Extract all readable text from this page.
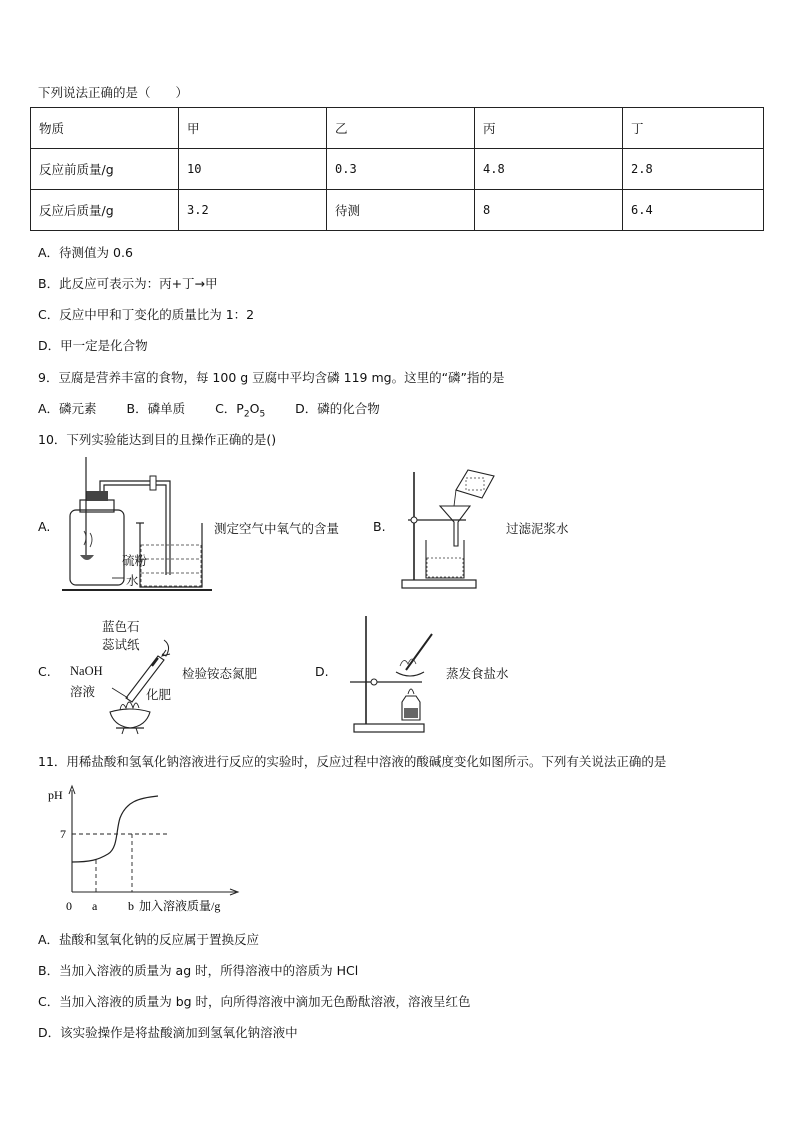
下列说法正确的是（　　）
物质	甲	乙	丙	丁
反应前质量/g	10	0.3	4.8	2.8
反应后质量/g	3.2	待测	8	6.4
A．待测值为 0.6
B．此反应可表示为：丙+丁→甲
C．反应中甲和丁变化的质量比为 1：2
D．甲一定是化合物
9．豆腐是营养丰富的食物，每 100 g 豆腐中平均含磷 119 mg。这里的“磷”指的是
A．磷元素 B．磷单质 C．$P_2O_5$ D．磷的化合物
10．下列实验能达到目的且操作正确的是()
A.
硫粉
水
测定空气中氧气的含量	B.	过滤泥浆水
C.
蓝色石
蕊试纸
NaOH
溶液	化肥
检验铵态氮肥	D.	蒸发食盐水
11．用稀盐酸和氢氧化钠溶液进行反应的实验时，反应过程中溶液的酸碱度变化如图所示。下列有关说法正确的是
pH
7
0 a	b 加入溶液质量/g
A．盐酸和氢氧化钠的反应属于置换反应
B．当加入溶液的质量为 ag 时，所得溶液中的溶质为 HCl
C．当加入溶液的质量为 bg 时，向所得溶液中滴加无色酚酞溶液，溶液呈红色
D．该实验操作是将盐酸滴加到氢氧化钠溶液中
